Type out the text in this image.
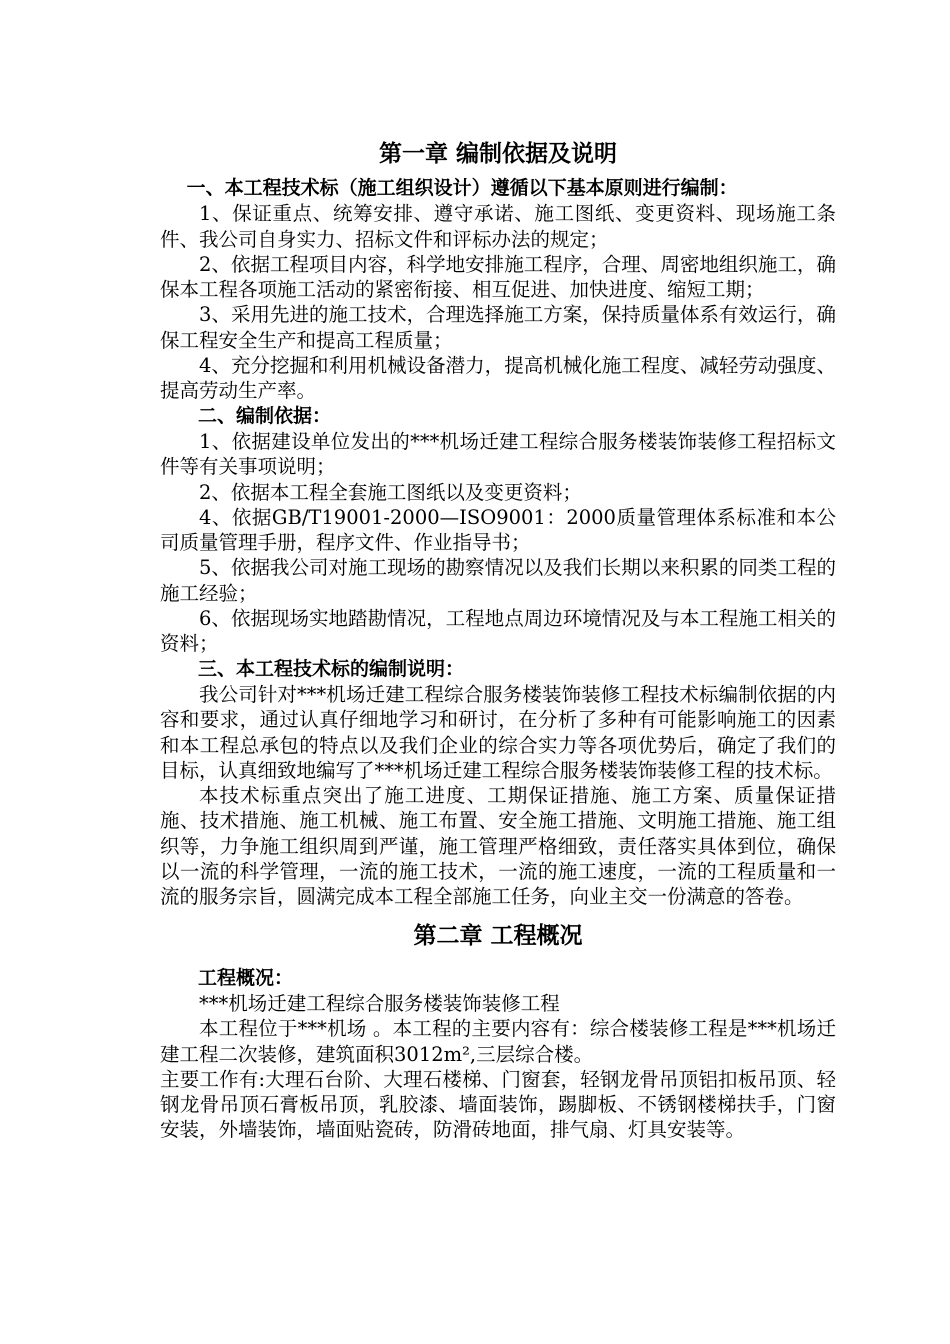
第一章 编制依据及说明
一、本工程技术标（施工组织设计）遵循以下基本原则进行编制：

1、保证重点、统筹安排、遵守承诺、施工图纸、变更资料、现场施工条件、我公司自身实力、招标文件和评标办法的规定；

2、依据工程项目内容，科学地安排施工程序，合理、周密地组织施工，确保本工程各项施工活动的紧密衔接、相互促进、加快进度、缩短工期；

3、采用先进的施工技术，合理选择施工方案，保持质量体系有效运行，确保工程安全生产和提高工程质量；

4、充分挖掘和利用机械设备潜力，提高机械化施工程度、减轻劳动强度、提高劳动生产率。

二、编制依据：

1、依据建设单位发出的***机场迁建工程综合服务楼装饰装修工程招标文件等有关事项说明；

2、依据本工程全套施工图纸以及变更资料；

4、依据GB/T19001-2000—ISO9001：2000质量管理体系标准和本公司质量管理手册，程序文件、作业指导书；

5、依据我公司对施工现场的勘察情况以及我们长期以来积累的同类工程的施工经验；

6、依据现场实地踏勘情况，工程地点周边环境情况及与本工程施工相关的资料；

三、本工程技术标的编制说明：

我公司针对***机场迁建工程综合服务楼装饰装修工程技术标编制依据的内容和要求，通过认真仔细地学习和研讨，在分析了多种有可能影响施工的因素和本工程总承包的特点以及我们企业的综合实力等各项优势后，确定了我们的目标，认真细致地编写了***机场迁建工程综合服务楼装饰装修工程的技术标。

本技术标重点突出了施工进度、工期保证措施、施工方案、质量保证措施、技术措施、施工机械、施工布置、安全施工措施、文明施工措施、施工组织等，力争施工组织周到严谨，施工管理严格细致，责任落实具体到位，确保以一流的科学管理，一流的施工技术，一流的施工速度，一流的工程质量和一流的服务宗旨，圆满完成本工程全部施工任务，向业主交一份满意的答卷。

第二章 工程概况
工程概况：

***机场迁建工程综合服务楼装饰装修工程

本工程位于***机场 。本工程的主要内容有：综合楼装修工程是***机场迁建工程二次装修，建筑面积3012m²,三层综合楼。

主要工作有:大理石台阶、大理石楼梯、门窗套，轻钢龙骨吊顶铝扣板吊顶、轻钢龙骨吊顶石膏板吊顶，乳胶漆、墙面装饰，踢脚板、不锈钢楼梯扶手，门窗安装，外墙装饰，墙面贴瓷砖，防滑砖地面，排气扇、灯具安装等。
